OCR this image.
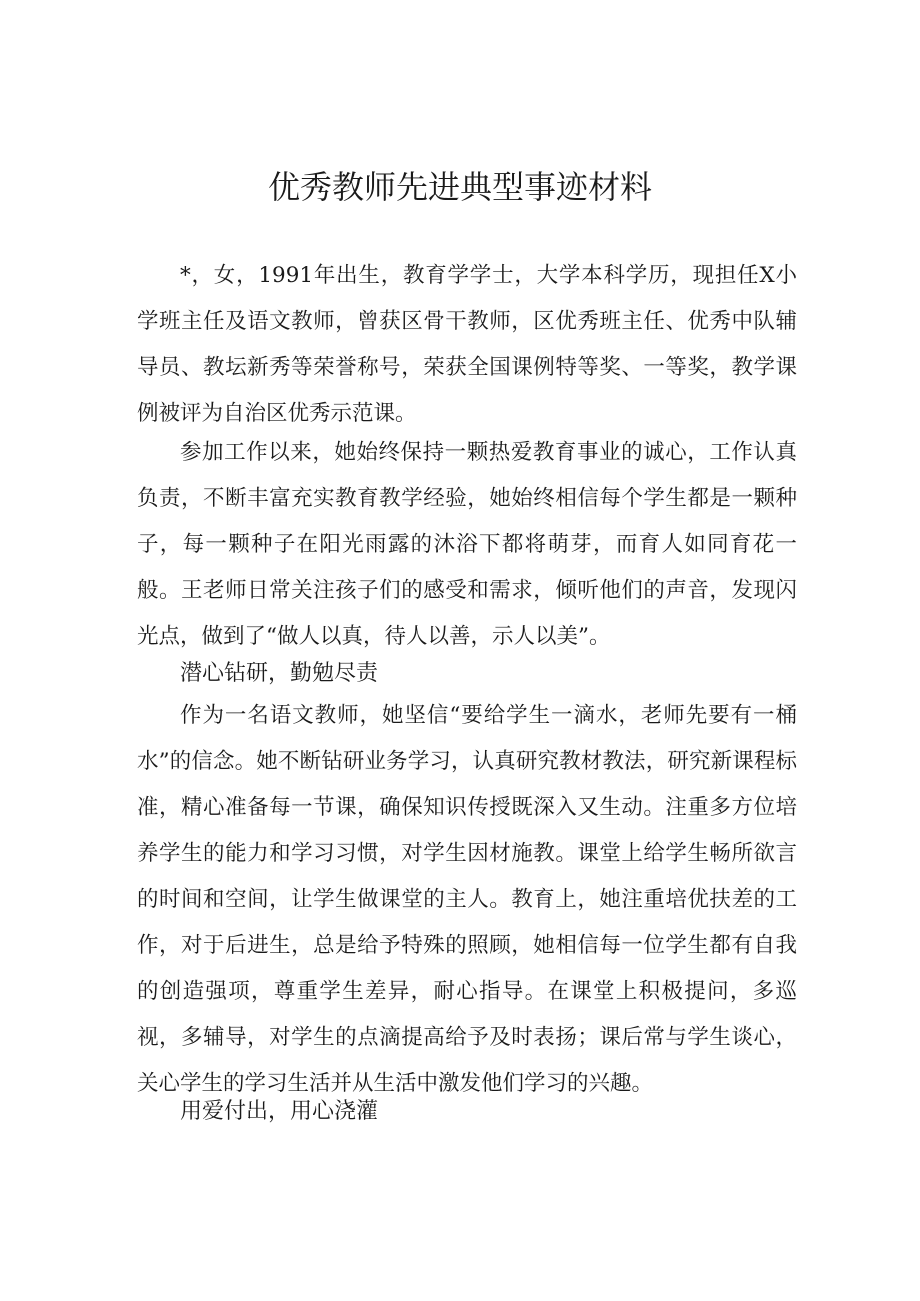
优秀教师先进典型事迹材料

*，女，1991年出生，教育学学士，大学本科学历，现担任X小学班主任及语文教师，曾获区骨干教师，区优秀班主任、优秀中队辅导员、教坛新秀等荣誉称号，荣获全国课例特等奖、一等奖，教学课例被评为自治区优秀示范课。

参加工作以来，她始终保持一颗热爱教育事业的诚心，工作认真负责，不断丰富充实教育教学经验，她始终相信每个学生都是一颗种子，每一颗种子在阳光雨露的沐浴下都将萌芽，而育人如同育花一般。王老师日常关注孩子们的感受和需求，倾听他们的声音，发现闪光点，做到了“做人以真，待人以善，示人以美”。

潜心钻研，勤勉尽责

作为一名语文教师，她坚信“要给学生一滴水，老师先要有一桶水”的信念。她不断钻研业务学习，认真研究教材教法，研究新课程标准，精心准备每一节课，确保知识传授既深入又生动。注重多方位培养学生的能力和学习习惯，对学生因材施教。课堂上给学生畅所欲言的时间和空间，让学生做课堂的主人。教育上，她注重培优扶差的工作，对于后进生，总是给予特殊的照顾，她相信每一位学生都有自我的创造强项，尊重学生差异，耐心指导。在课堂上积极提问，多巡视，多辅导，对学生的点滴提高给予及时表扬；课后常与学生谈心，关心学生的学习生活并从生活中激发他们学习的兴趣。

用爱付出，用心浇灌
